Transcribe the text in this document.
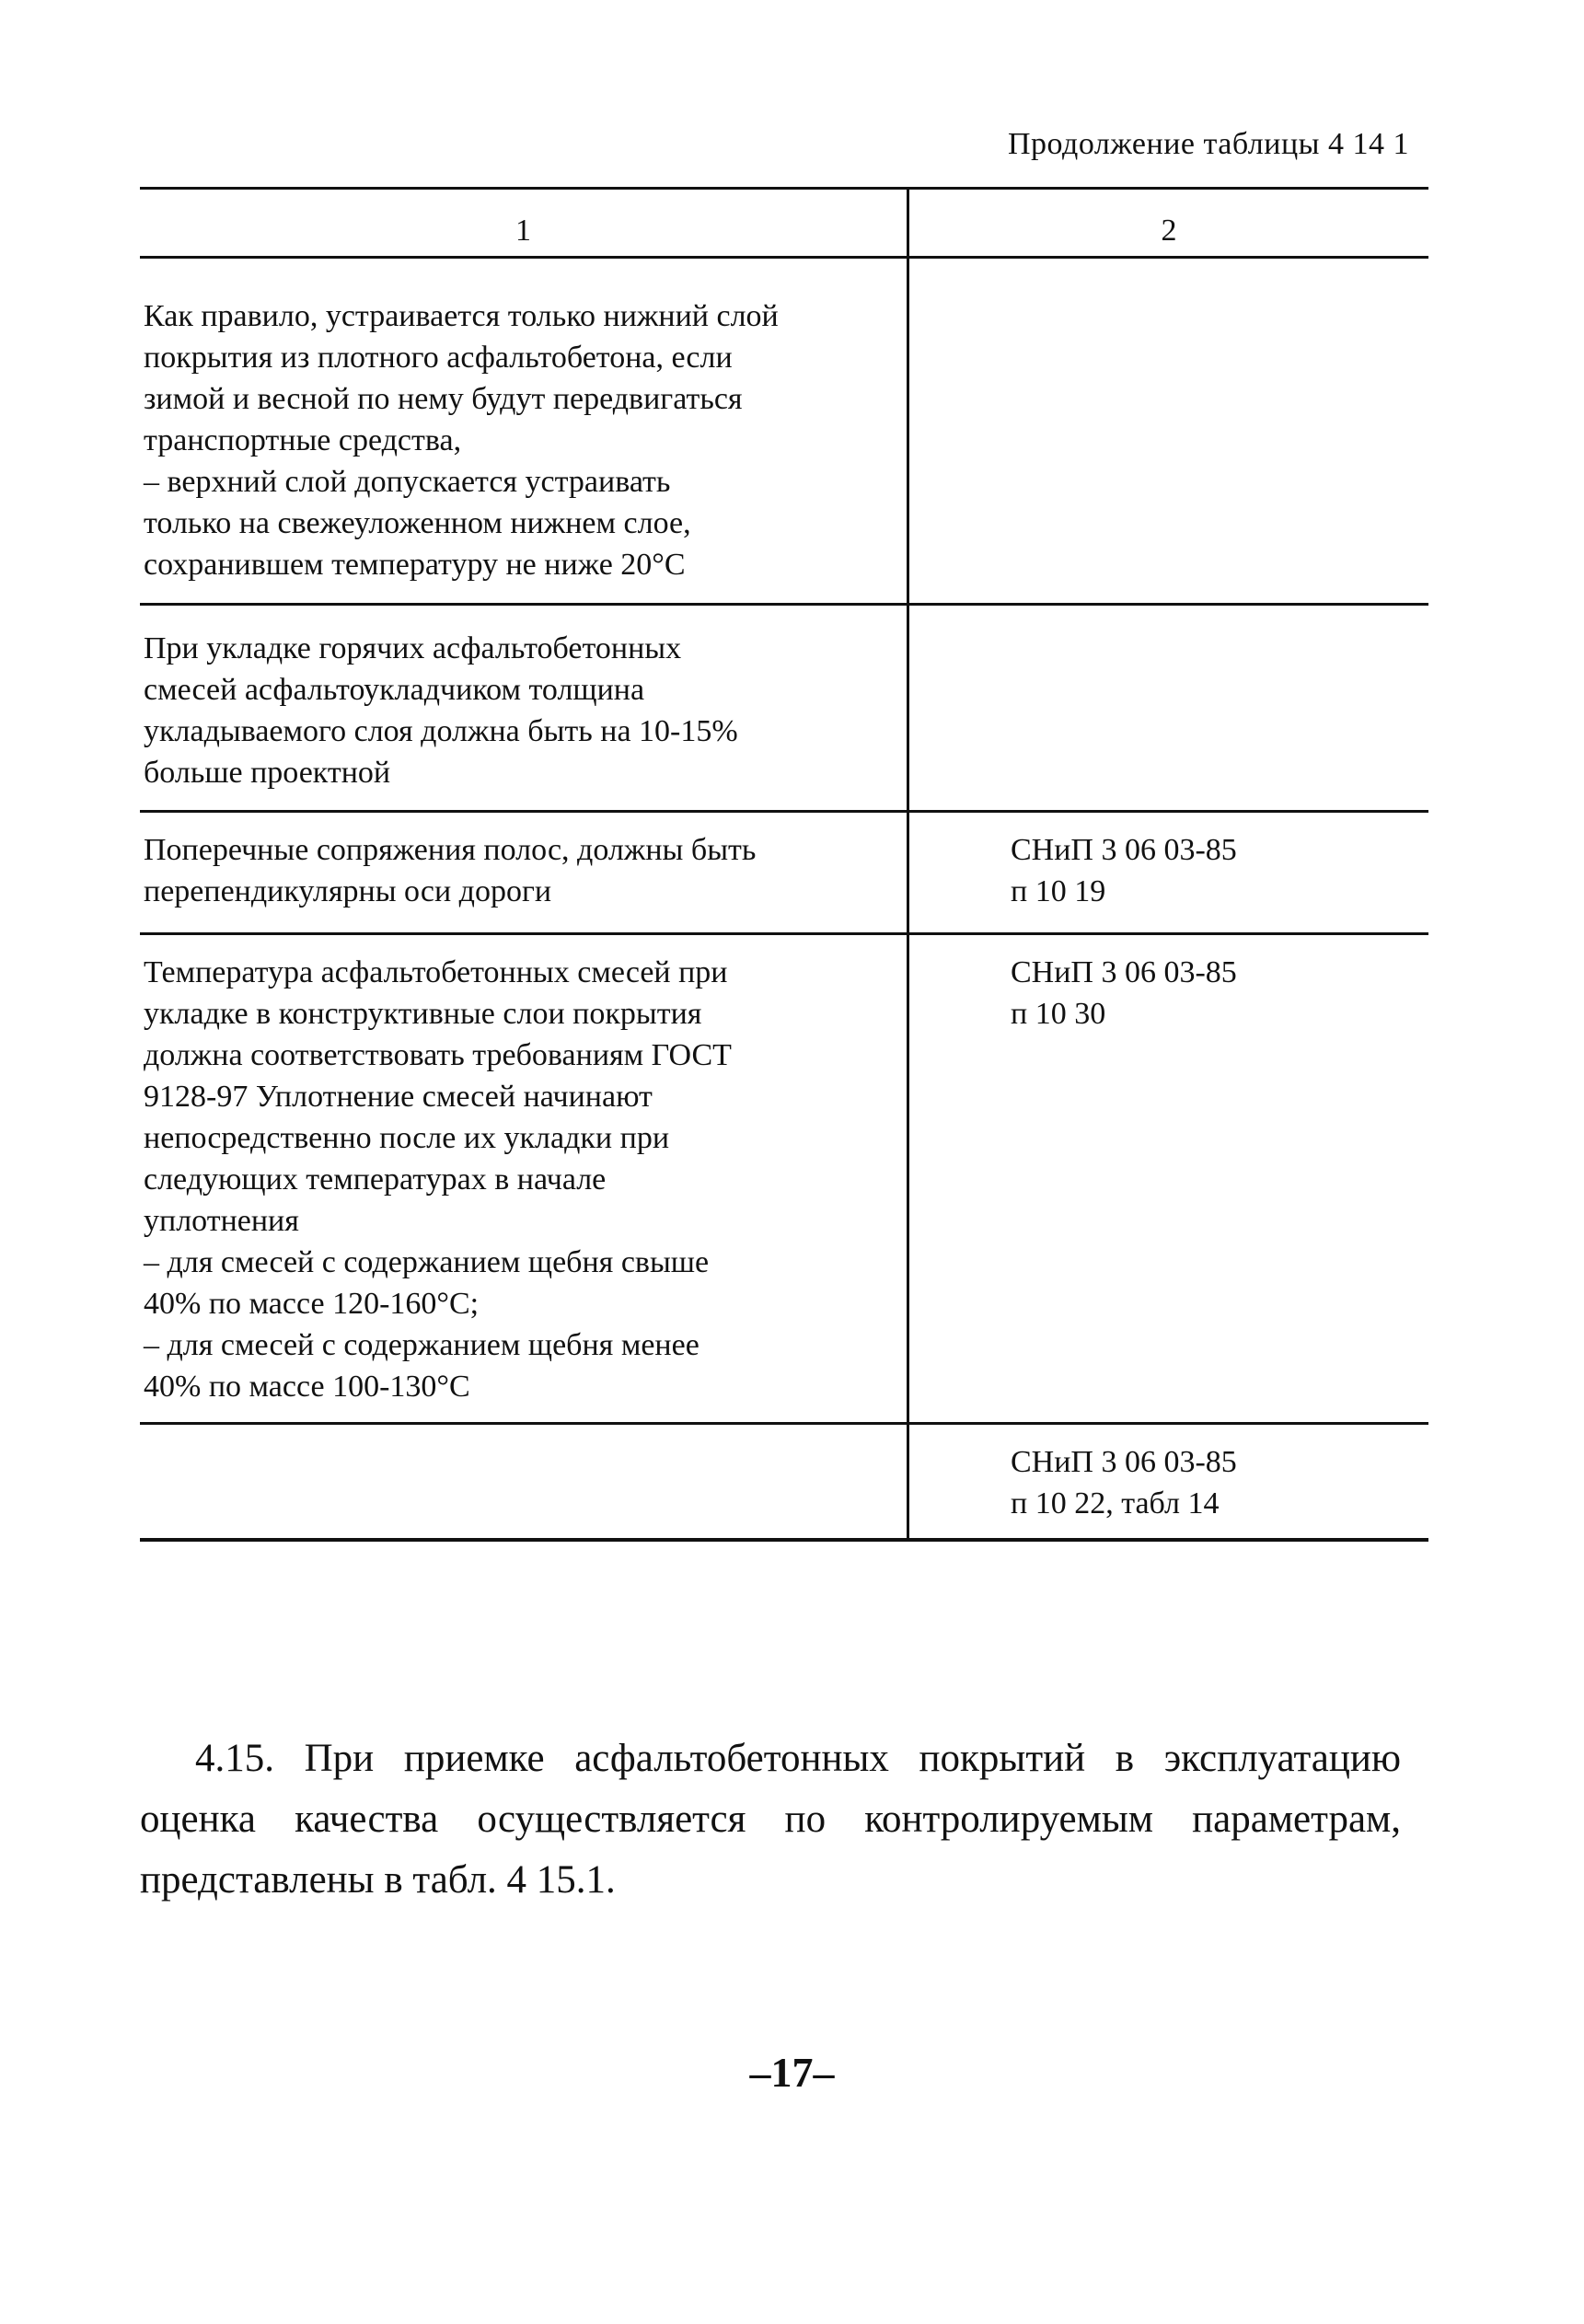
Продолжение таблицы 4 14 1
1	2
Как правило, устраивается только нижний слой
покрытия из плотного асфальтобетона, если
зимой и весной по нему будут передвигаться
транспортные средства,
– верхний слой допускается устраивать
только на свежеуложенном нижнем слое,
сохранившем температуру не ниже 20°С
При укладке горячих асфальтобетонных
смесей асфальтоукладчиком толщина
укладываемого слоя должна быть на 10-15%
больше проектной
Поперечные сопряжения полос, должны быть
перепендикулярны оси дороги
СНиП 3 06 03-85
п 10 19
Температура асфальтобетонных смесей при
укладке в конструктивные слои покрытия
должна соответствовать требованиям ГОСТ
9128-97 Уплотнение смесей начинают
непосредственно после их укладки при
следующих температурах в начале
уплотнения
– для смесей с содержанием щебня свыше
40% по массе 120-160°С;
– для смесей с содержанием щебня менее
40% по массе 100-130°С
СНиП 3 06 03-85
п 10 30
СНиП 3 06 03-85
п 10 22, табл 14

4.15. При приемке асфальтобетонных покрытий в эксплуатацию оценка качества осуществляется по контролируемым параметрам, представлены в табл. 4 15.1.

–17–
